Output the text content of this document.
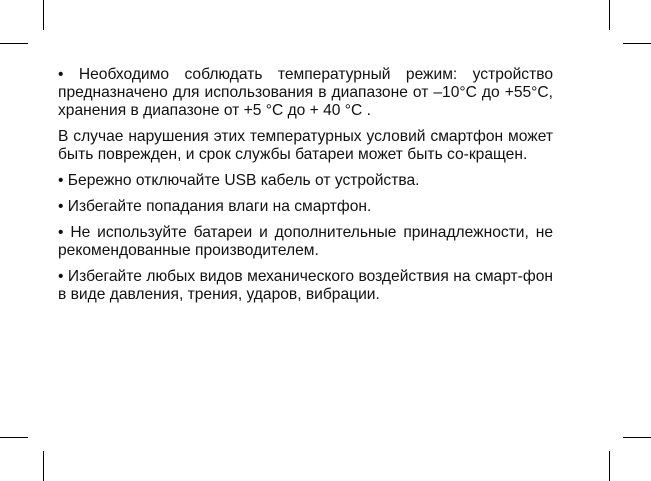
• Необходимо соблюдать температурный режим: устройство предназначено для использования в диапазоне от –10°C до +55°C, хранения в диапазоне от +5 °C до + 40 °C .

В случае нарушения этих температурных условий смартфон может быть поврежден, и срок службы батареи может быть со-кращен.

• Бережно отключайте USB кабель от устройства.

• Избегайте попадания влаги на смартфон.

• Не используйте батареи и дополнительные принадлежности, не рекомендованные производителем.

• Избегайте любых видов механического воздействия на смарт-фон в виде давления, трения, ударов, вибрации.
